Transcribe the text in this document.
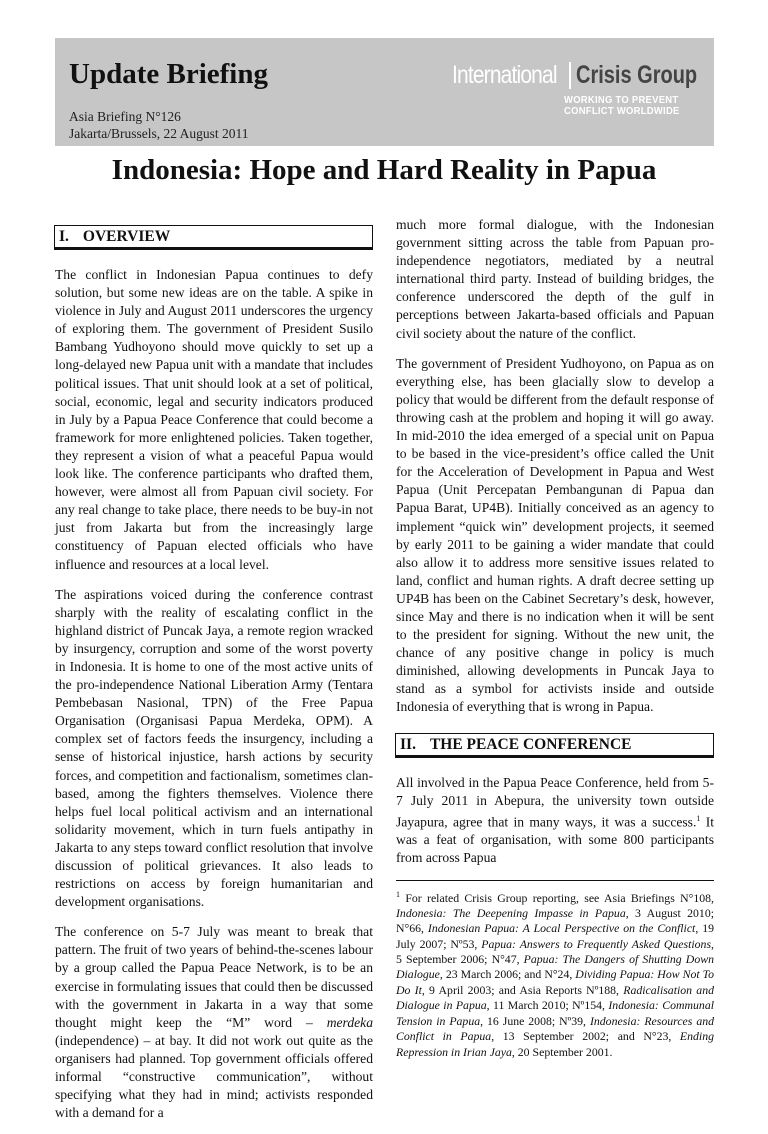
Update Briefing
Asia Briefing N°126
Jakarta/Brussels, 22 August 2011
International Crisis Group
WORKING TO PREVENT
CONFLICT WORLDWIDE
Indonesia: Hope and Hard Reality in Papua
I. OVERVIEW

The conflict in Indonesian Papua continues to defy solution, but some new ideas are on the table. A spike in violence in July and August 2011 underscores the urgency of exploring them. The government of President Susilo Bambang Yudhoyono should move quickly to set up a long-delayed new Papua unit with a mandate that includes political issues. That unit should look at a set of political, social, economic, legal and security indicators produced in July by a Papua Peace Conference that could become a framework for more enlightened policies. Taken together, they represent a vision of what a peaceful Papua would look like. The conference participants who drafted them, however, were almost all from Papuan civil society. For any real change to take place, there needs to be buy-in not just from Jakarta but from the increasingly large constituency of Papuan elected officials who have influence and resources at a local level.

The aspirations voiced during the conference contrast sharply with the reality of escalating conflict in the highland district of Puncak Jaya, a remote region wracked by insurgency, corruption and some of the worst poverty in Indonesia. It is home to one of the most active units of the pro-independence National Liberation Army (Tentara Pembebasan Nasional, TPN) of the Free Papua Organisation (Organisasi Papua Merdeka, OPM). A complex set of factors feeds the insurgency, including a sense of historical injustice, harsh actions by security forces, and competition and factionalism, sometimes clan-based, among the fighters themselves. Violence there helps fuel local political activism and an international solidarity movement, which in turn fuels antipathy in Jakarta to any steps toward conflict resolution that involve discussion of political grievances. It also leads to restrictions on access by foreign humanitarian and development organisations.

The conference on 5-7 July was meant to break that pattern. The fruit of two years of behind-the-scenes labour by a group called the Papua Peace Network, is to be an exercise in formulating issues that could then be discussed with the government in Jakarta in a way that some thought might keep the “M” word – merdeka (independence) – at bay. It did not work out quite as the organisers had planned. Top government officials offered informal “constructive communication”, without specifying what they had in mind; activists responded with a demand for a

much more formal dialogue, with the Indonesian government sitting across the table from Papuan pro-independence negotiators, mediated by a neutral international third party. Instead of building bridges, the conference underscored the depth of the gulf in perceptions between Jakarta-based officials and Papuan civil society about the nature of the conflict.

The government of President Yudhoyono, on Papua as on everything else, has been glacially slow to develop a policy that would be different from the default response of throwing cash at the problem and hoping it will go away. In mid-2010 the idea emerged of a special unit on Papua to be based in the vice-president’s office called the Unit for the Acceleration of Development in Papua and West Papua (Unit Percepatan Pembangunan di Papua dan Papua Barat, UP4B). Initially conceived as an agency to implement “quick win” development projects, it seemed by early 2011 to be gaining a wider mandate that could also allow it to address more sensitive issues related to land, conflict and human rights. A draft decree setting up UP4B has been on the Cabinet Secretary’s desk, however, since May and there is no indication when it will be sent to the president for signing. Without the new unit, the chance of any positive change in policy is much diminished, allowing developments in Puncak Jaya to stand as a symbol for activists inside and outside Indonesia of everything that is wrong in Papua.

II. THE PEACE CONFERENCE

All involved in the Papua Peace Conference, held from 5-7 July 2011 in Abepura, the university town outside Jayapura, agree that in many ways, it was a success.$^1$ It was a feat of organisation, with some 800 participants from across Papua

$^1$ For related Crisis Group reporting, see Asia Briefings N°108, Indonesia: The Deepening Impasse in Papua, 3 August 2010; N°66, Indonesian Papua: A Local Perspective on the Conflict, 19 July 2007; Nº53, Papua: Answers to Frequently Asked Questions, 5 September 2006; N°47, Papua: The Dangers of Shutting Down Dialogue, 23 March 2006; and N°24, Dividing Papua: How Not To Do It, 9 April 2003; and Asia Reports Nº188, Radicalisation and Dialogue in Papua, 11 March 2010; Nº154, Indonesia: Communal Tension in Papua, 16 June 2008; Nº39, Indonesia: Resources and Conflict in Papua, 13 September 2002; and N°23, Ending Repression in Irian Jaya, 20 September 2001.
